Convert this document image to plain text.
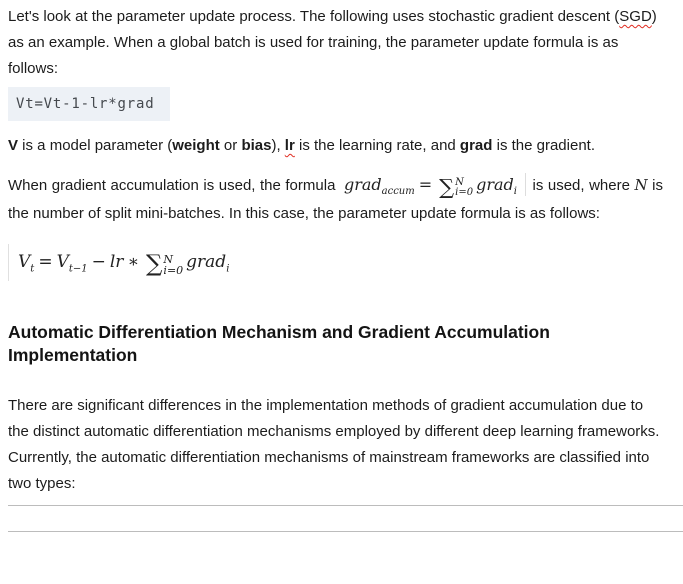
Let's look at the parameter update process. The following uses stochastic gradient descent (SGD) as an example. When a global batch is used for training, the parameter update formula is as follows:

Vt=Vt-1-lr*grad

V is a model parameter (weight or bias), lr is the learning rate, and grad is the gradient.

When gradient accumulation is used, the formula grad$_{accum}$ = ∑ N
i=0 grad$_i$ is used, where N is the number of split mini-batches. In this case, the parameter update formula is as follows:

$V_t = V_{t-1}$ − lr ∗ ∑ N
i=0 grad$_i$
Automatic Differentiation Mechanism and Gradient Accumulation Implementation

There are significant differences in the implementation methods of gradient accumulation due to the distinct automatic differentiation mechanisms employed by different deep learning frameworks. Currently, the automatic differentiation mechanisms of mainstream frameworks are classified into two types:
